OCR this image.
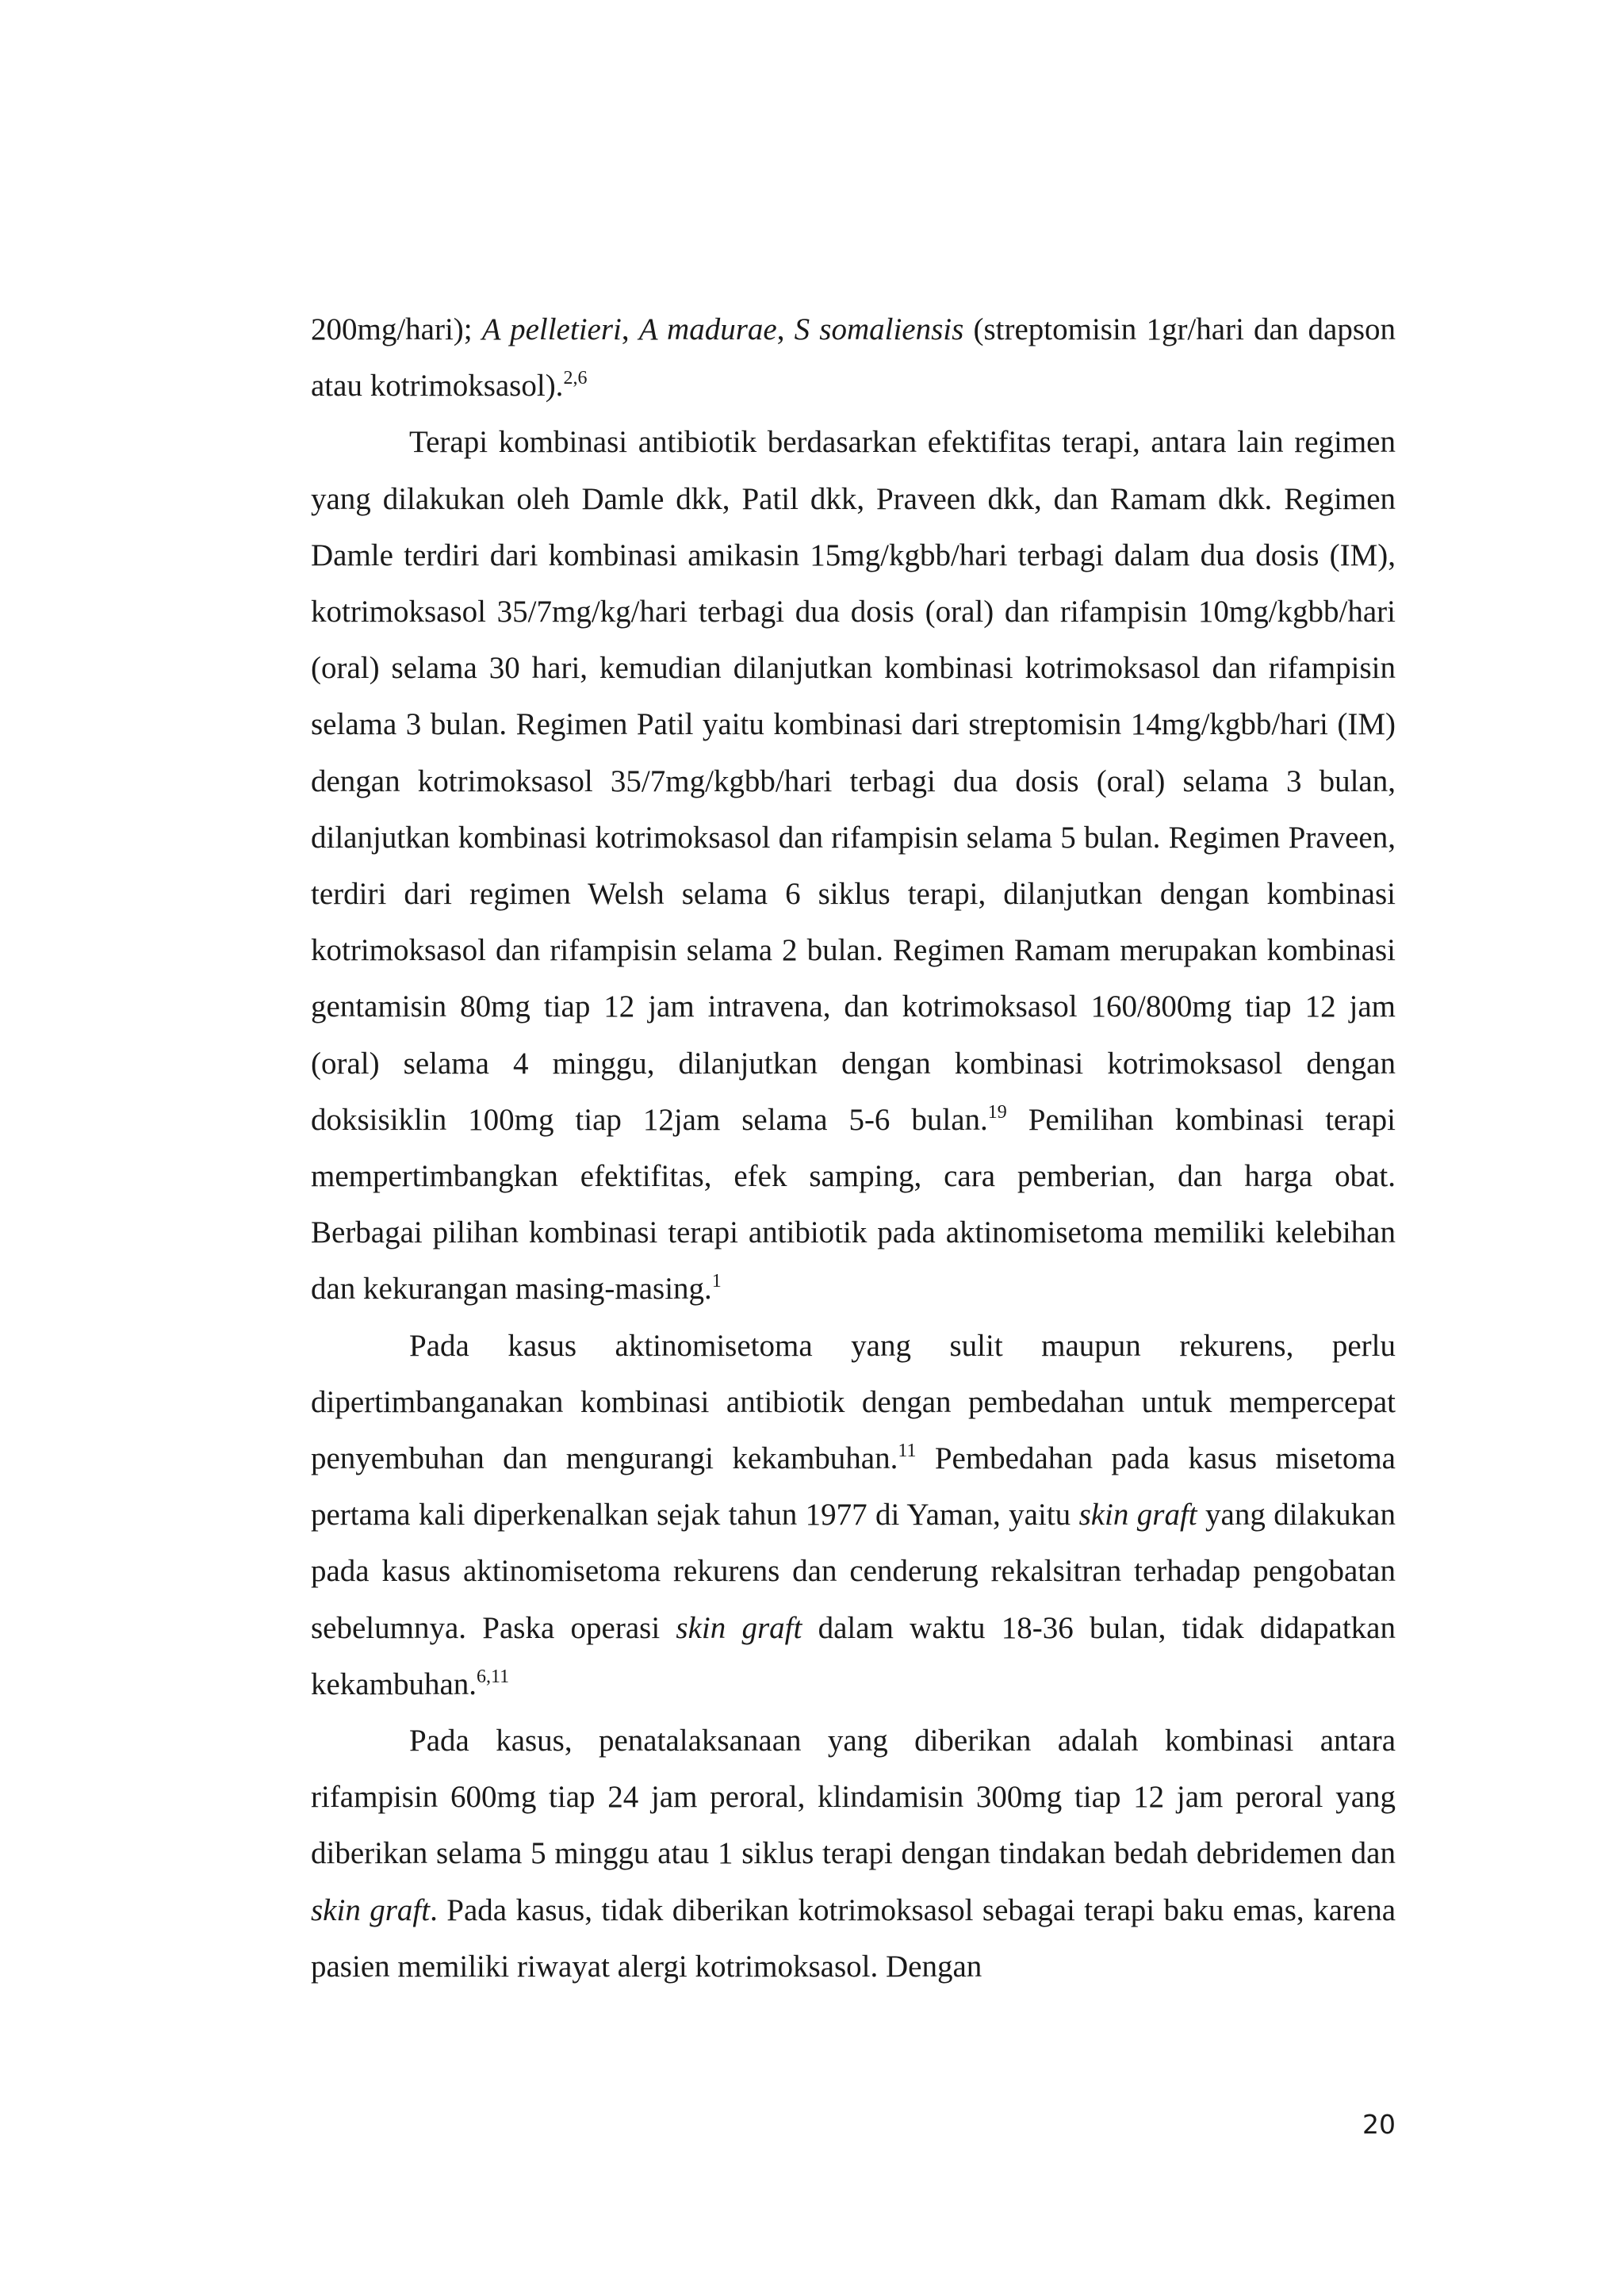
200mg/hari); A pelletieri, A madurae, S somaliensis (streptomisin 1gr/hari dan dapson atau kotrimoksasol).$^{2,6}$

Terapi kombinasi antibiotik berdasarkan efektifitas terapi, antara lain regimen yang dilakukan oleh Damle dkk, Patil dkk, Praveen dkk, dan Ramam dkk. Regimen Damle terdiri dari kombinasi amikasin 15mg/kgbb/hari terbagi dalam dua dosis (IM), kotrimoksasol 35/7mg/kg/hari terbagi dua dosis (oral) dan rifampisin 10mg/kgbb/hari (oral) selama 30 hari, kemudian dilanjutkan kombinasi kotrimoksasol dan rifampisin selama 3 bulan. Regimen Patil yaitu kombinasi dari streptomisin 14mg/kgbb/hari (IM) dengan kotrimoksasol 35/7mg/kgbb/hari terbagi dua dosis (oral) selama 3 bulan, dilanjutkan kombinasi kotrimoksasol dan rifampisin selama 5 bulan. Regimen Praveen, terdiri dari regimen Welsh selama 6 siklus terapi, dilanjutkan dengan kombinasi kotrimoksasol dan rifampisin selama 2 bulan. Regimen Ramam merupakan kombinasi gentamisin 80mg tiap 12 jam intravena, dan kotrimoksasol 160/800mg tiap 12 jam (oral) selama 4 minggu, dilanjutkan dengan kombinasi kotrimoksasol dengan doksisiklin 100mg tiap 12jam selama 5-6 bulan.$^{19}$ Pemilihan kombinasi terapi mempertimbangkan efektifitas, efek samping, cara pemberian, dan harga obat. Berbagai pilihan kombinasi terapi antibiotik pada aktinomisetoma memiliki kelebihan dan kekurangan masing-masing.$^1$

Pada kasus aktinomisetoma yang sulit maupun rekurens, perlu dipertimbanganakan kombinasi antibiotik dengan pembedahan untuk mempercepat penyembuhan dan mengurangi kekambuhan.$^{11}$ Pembedahan pada kasus misetoma pertama kali diperkenalkan sejak tahun 1977 di Yaman, yaitu skin graft yang dilakukan pada kasus aktinomisetoma rekurens dan cenderung rekalsitran terhadap pengobatan sebelumnya. Paska operasi skin graft dalam waktu 18-36 bulan, tidak didapatkan kekambuhan.$^{6,11}$

Pada kasus, penatalaksanaan yang diberikan adalah kombinasi antara rifampisin 600mg tiap 24 jam peroral, klindamisin 300mg tiap 12 jam peroral yang diberikan selama 5 minggu atau 1 siklus terapi dengan tindakan bedah debridemen dan skin graft. Pada kasus, tidak diberikan kotrimoksasol sebagai terapi baku emas, karena pasien memiliki riwayat alergi kotrimoksasol. Dengan

20
